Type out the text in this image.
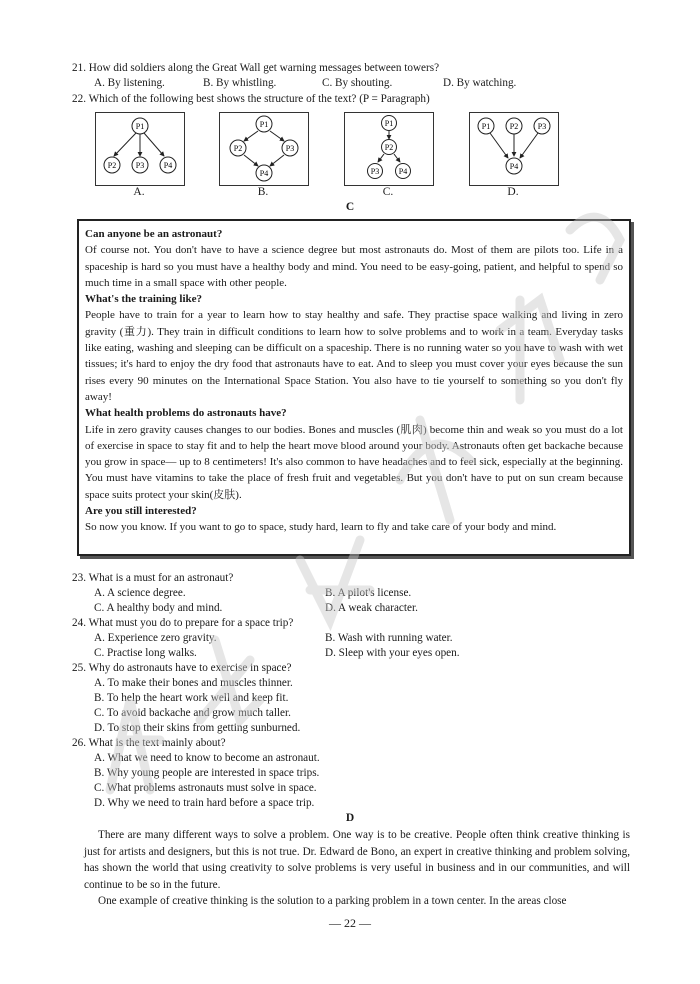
21. How did soldiers along the Great Wall get warning messages between towers?
A. By listening.	B. By whistling.	C. By shouting.	D. By watching.
22. Which of the following best shows the structure of the text? (P = Paragraph)
P1
P2 P3 P4
A.
P1
P2	P3
P4
B.
P1
P2
P3 P4
C.
P1 P2 P3
P4
D.
C

Can anyone be an astronaut?

Of course not. You don't have to have a science degree but most astronauts do. Most of them are pilots too. Life in a spaceship is hard so you must have a healthy body and mind. You need to be easy-going, patient, and helpful to spend so much time in a small space with other people.

What's the training like?

People have to train for a year to learn how to stay healthy and safe. They practise space walking and living in zero gravity (重力). They train in difficult conditions to learn how to solve problems and to work in a team. Everyday tasks like eating, washing and sleeping can be difficult on a spaceship. There is no running water so you have to wash with wet tissues; it's hard to enjoy the dry food that astronauts have to eat. And to sleep you must cover your eyes because the sun rises every 90 minutes on the International Space Station. You also have to tie yourself to something so you don't fly away!

What health problems do astronauts have?

Life in zero gravity causes changes to our bodies. Bones and muscles (肌肉) become thin and weak so you must do a lot of exercise in space to stay fit and to help the heart move blood around your body. Astronauts often get backache because you grow in space— up to 8 centimeters! It's also common to have headaches and to feel sick, especially at the beginning. You must have vitamins to take the place of fresh fruit and vegetables. But you don't have to put on sun cream because space suits protect your skin(皮肤).

Are you still interested?

So now you know. If you want to go to space, study hard, learn to fly and take care of your body and mind.

23. What is a must for an astronaut?
A. A science degree.	B. A pilot's license.
C. A healthy body and mind.	D. A weak character.
24. What must you do to prepare for a space trip?
A. Experience zero gravity.	B. Wash with running water.
C. Practise long walks.	D. Sleep with your eyes open.
25. Why do astronauts have to exercise in space?
A. To make their bones and muscles thinner.
B. To help the heart work well and keep fit.
C. To avoid backache and grow much taller.
D. To stop their skins from getting sunburned.
26. What is the text mainly about?
A. What we need to know to become an astronaut.
B. Why young people are interested in space trips.
C. What problems astronauts must solve in space.
D. Why we need to train hard before a space trip.
D

There are many different ways to solve a problem. One way is to be creative. People often think creative thinking is just for artists and designers, but this is not true. Dr. Edward de Bono, an expert in creative thinking and problem solving, has shown the world that using creativity to solve problems is very useful in business and in our communities, and will continue to be so in the future.

One example of creative thinking is the solution to a parking problem in a town center. In the areas close

— 22 —
